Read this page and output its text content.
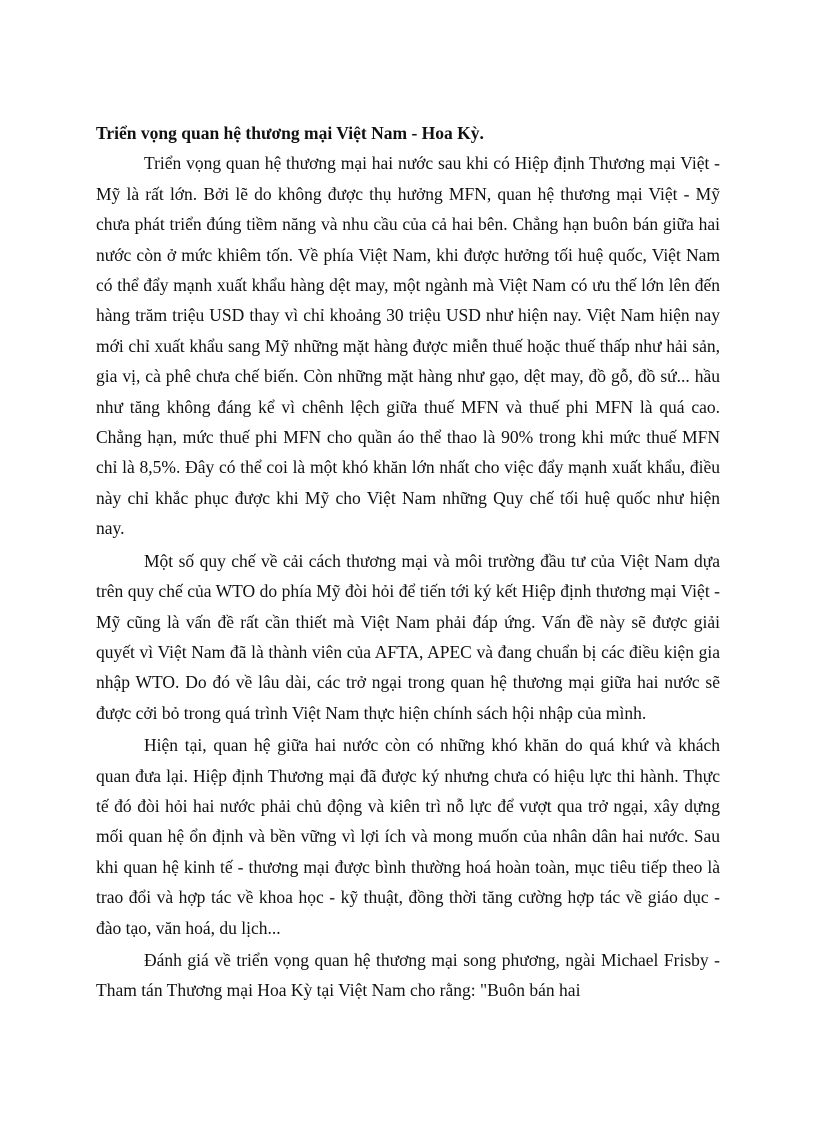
Triển vọng quan hệ thương mại Việt Nam - Hoa Kỳ.

Triển vọng quan hệ thương mại hai nước sau khi có Hiệp định Thương mại Việt - Mỹ là rất lớn. Bởi lẽ do không được thụ hưởng MFN, quan hệ thương mại Việt - Mỹ chưa phát triển đúng tiềm năng và nhu cầu của cả hai bên. Chẳng hạn buôn bán giữa hai nước còn ở mức khiêm tốn. Về phía Việt Nam, khi được hưởng tối huệ quốc, Việt Nam có thể đẩy mạnh xuất khẩu hàng dệt may, một ngành mà Việt Nam có ưu thế lớn lên đến hàng trăm triệu USD thay vì chỉ khoảng 30 triệu USD như hiện nay. Việt Nam hiện nay mới chỉ xuất khẩu sang Mỹ những mặt hàng được miễn thuế hoặc thuế thấp như hải sản, gia vị, cà phê chưa chế biến. Còn những mặt hàng như gạo, dệt may, đồ gỗ, đồ sứ... hầu như tăng không đáng kể vì chênh lệch giữa thuế MFN và thuế phi MFN là quá cao. Chẳng hạn, mức thuế phi MFN cho quần áo thể thao là 90% trong khi mức thuế MFN chỉ là 8,5%. Đây có thể coi là một khó khăn lớn nhất cho việc đẩy mạnh xuất khẩu, điều này chỉ khắc phục được khi Mỹ cho Việt Nam những Quy chế tối huệ quốc như hiện nay.

Một số quy chế về cải cách thương mại và môi trường đầu tư của Việt Nam dựa trên quy chế của WTO do phía Mỹ đòi hỏi để tiến tới ký kết Hiệp định thương mại Việt - Mỹ cũng là vấn đề rất cần thiết mà Việt Nam phải đáp ứng. Vấn đề này sẽ được giải quyết vì Việt Nam đã là thành viên của AFTA, APEC và đang chuẩn bị các điều kiện gia nhập WTO. Do đó về lâu dài, các trở ngại trong quan hệ thương mại giữa hai nước sẽ được cởi bỏ trong quá trình Việt Nam thực hiện chính sách hội nhập của mình.

Hiện tại, quan hệ giữa hai nước còn có những khó khăn do quá khứ và khách quan đưa lại. Hiệp định Thương mại đã được ký nhưng chưa có hiệu lực thi hành. Thực tế đó đòi hỏi hai nước phải chủ động và kiên trì nỗ lực để vượt qua trở ngại, xây dựng mối quan hệ ổn định và bền vững vì lợi ích và mong muốn của nhân dân hai nước. Sau khi quan hệ kinh tế - thương mại được bình thường hoá hoàn toàn, mục tiêu tiếp theo là trao đổi và hợp tác về khoa học - kỹ thuật, đồng thời tăng cường hợp tác về giáo dục - đào tạo, văn hoá, du lịch...

Đánh giá về triển vọng quan hệ thương mại song phương, ngài Michael Frisby - Tham tán Thương mại Hoa Kỳ tại Việt Nam cho rằng: "Buôn bán hai
